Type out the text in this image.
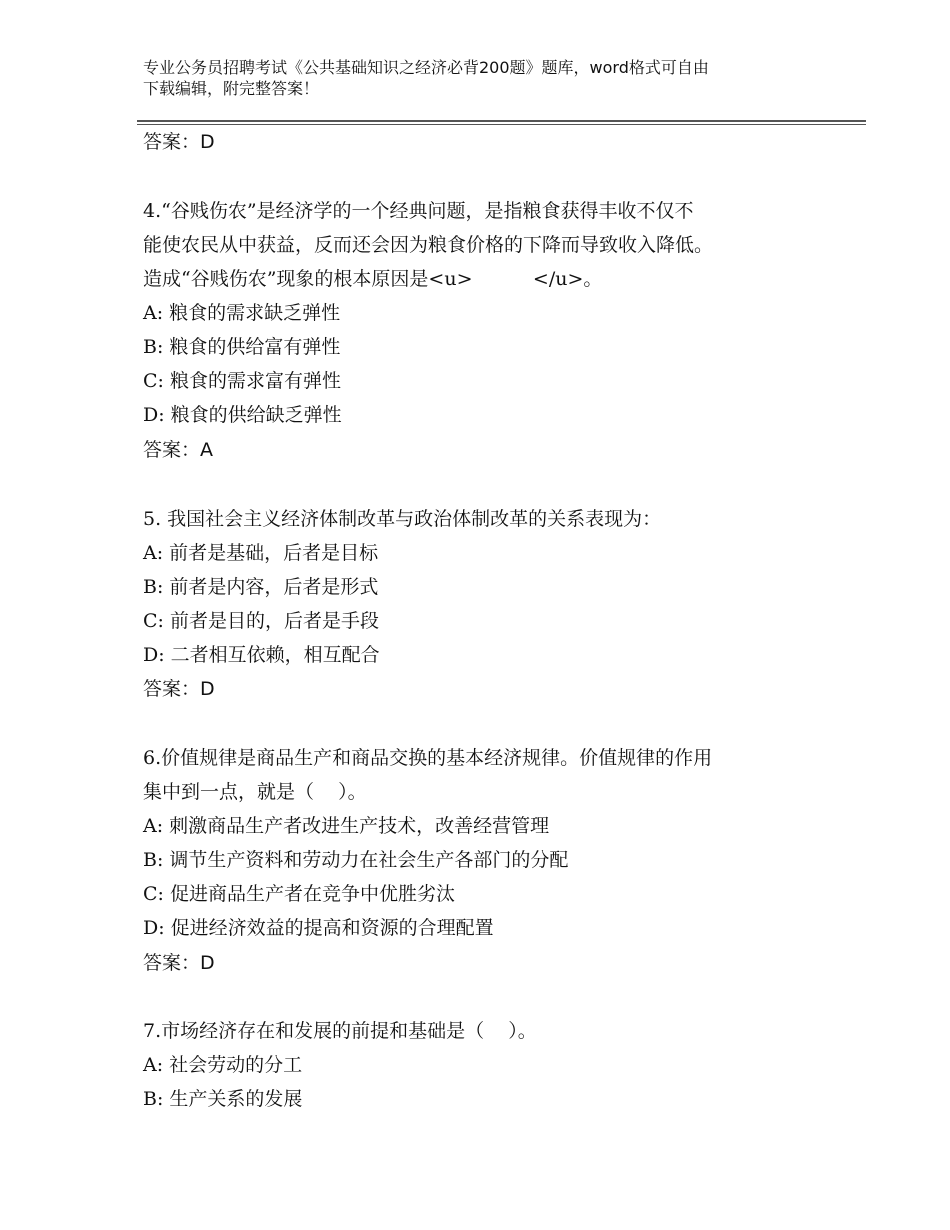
专业公务员招聘考试《公共基础知识之经济必背200题》题库，word格式可自由
下载编辑，附完整答案！
答案：D
4.“谷贱伤农”是经济学的一个经典问题，是指粮食获得丰收不仅不
能使农民从中获益，反而还会因为粮食价格的下降而导致收入降低。
造成“谷贱伤农”现象的根本原因是<u>          </u>。
A: 粮食的需求缺乏弹性
B: 粮食的供给富有弹性
C: 粮食的需求富有弹性
D: 粮食的供给缺乏弹性
答案：A
5. 我国社会主义经济体制改革与政治体制改革的关系表现为：
A: 前者是基础，后者是目标
B: 前者是内容，后者是形式
C: 前者是目的，后者是手段
D: 二者相互依赖，相互配合
答案：D
6.价值规律是商品生产和商品交换的基本经济规律。价值规律的作用
集中到一点，就是（    ）。
A: 刺激商品生产者改进生产技术，改善经营管理
B: 调节生产资料和劳动力在社会生产各部门的分配
C: 促进商品生产者在竞争中优胜劣汰
D: 促进经济效益的提高和资源的合理配置
答案：D
7.市场经济存在和发展的前提和基础是（    ）。
A: 社会劳动的分工
B: 生产关系的发展
